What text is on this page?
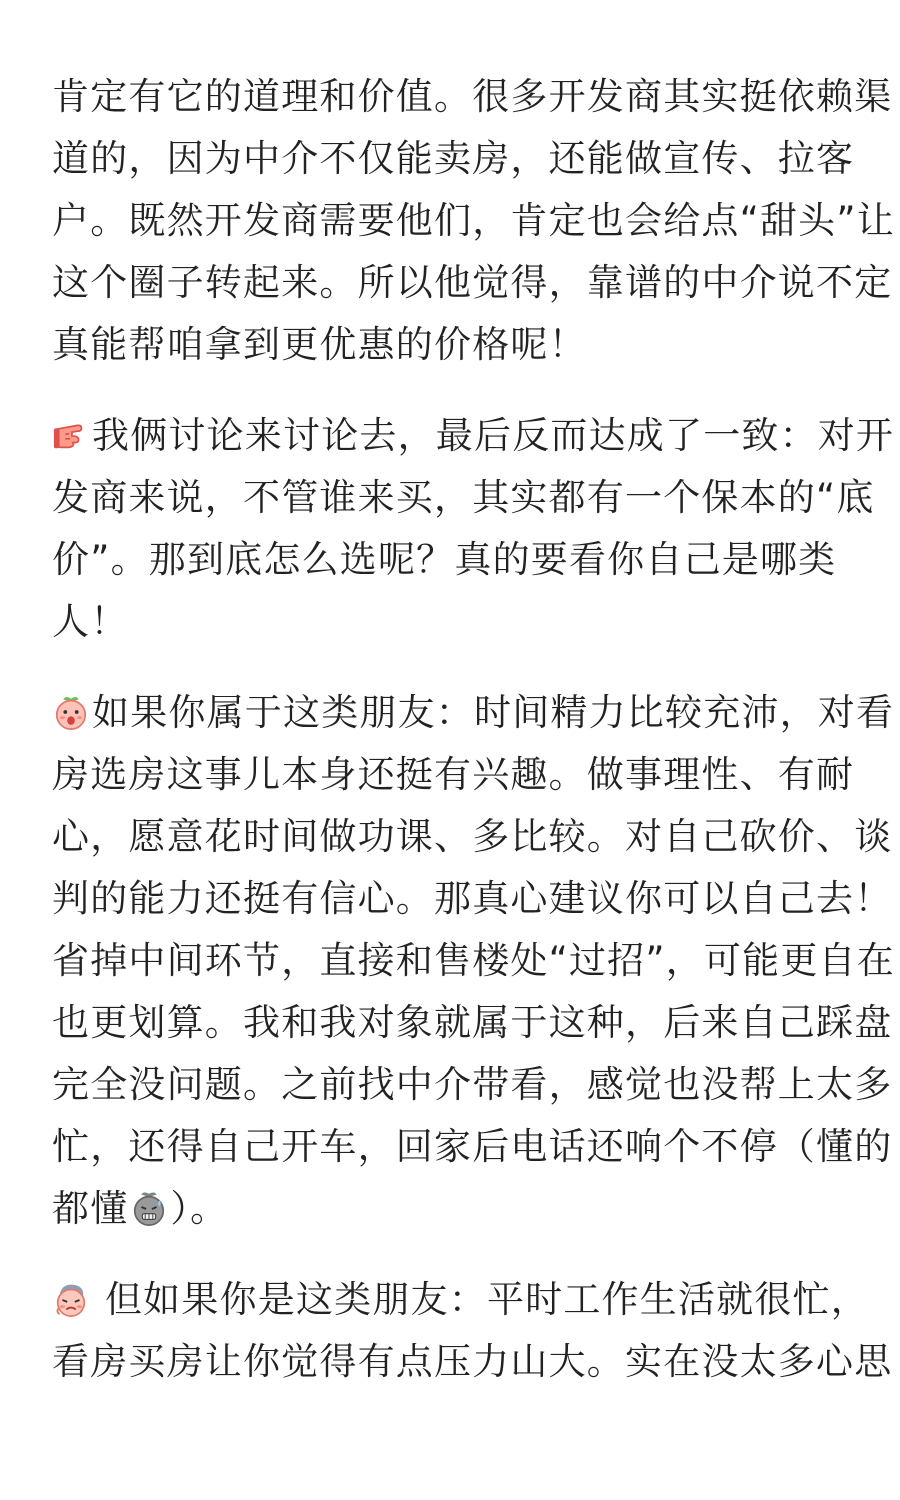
肯定有它的道理和价值。很多开发商其实挺依赖渠
道的，因为中介不仅能卖房，还能做宣传、拉客
户。既然开发商需要他们，肯定也会给点“甜头”让
这个圈子转起来。所以他觉得，靠谱的中介说不定
真能帮咱拿到更优惠的价格呢！
我俩讨论来讨论去，最后反而达成了一致：对开
发商来说，不管谁来买，其实都有一个保本的“底
价”。那到底怎么选呢？真的要看你自己是哪类
人！
如果你属于这类朋友：时间精力比较充沛，对看
房选房这事儿本身还挺有兴趣。做事理性、有耐
心，愿意花时间做功课、多比较。对自己砍价、谈
判的能力还挺有信心。那真心建议你可以自己去！
省掉中间环节，直接和售楼处“过招”，可能更自在
也更划算。我和我对象就属于这种，后来自己踩盘
完全没问题。之前找中介带看，感觉也没帮上太多
忙，还得自己开车，回家后电话还响个不停（懂的
都懂 ）。
但如果你是这类朋友：平时工作生活就很忙，
看房买房让你觉得有点压力山大。实在没太多心思
